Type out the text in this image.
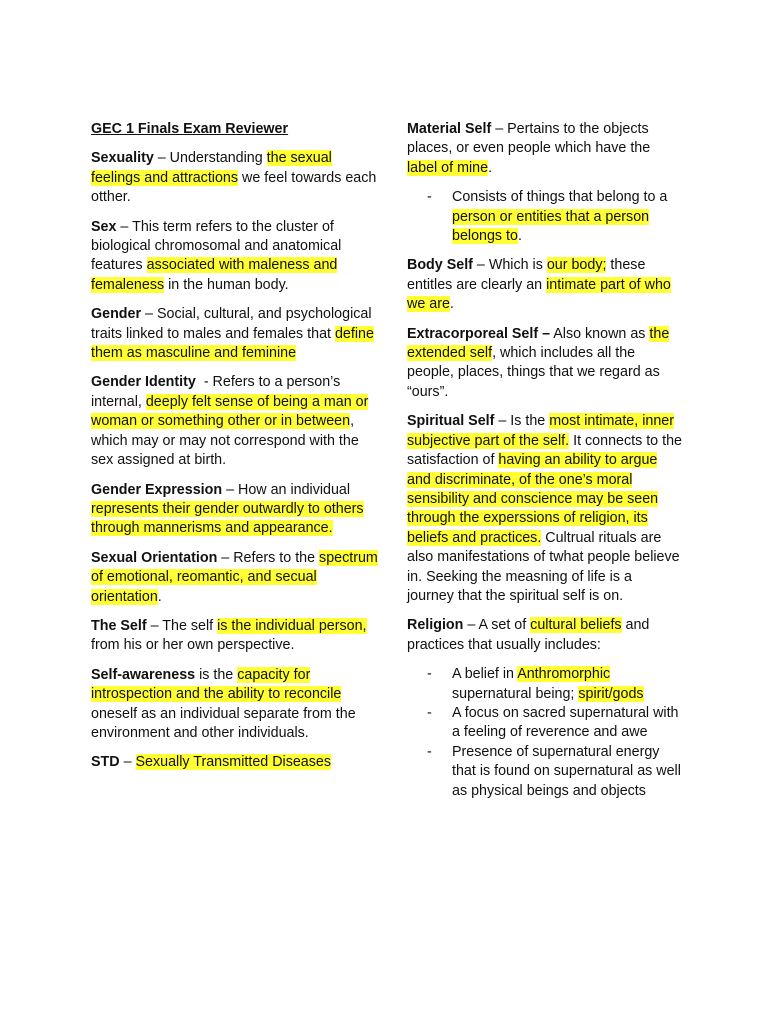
GEC 1 Finals Exam Reviewer

Sexuality – Understanding the sexual feelings and attractions we feel towards each otther.

Sex – This term refers to the cluster of biological chromosomal and anatomical features associated with maleness and femaleness in the human body.

Gender – Social, cultural, and psychological traits linked to males and females that define them as masculine and feminine

Gender Identity  - Refers to a person’s internal, deeply felt sense of being a man or woman or something other or in between, which may or may not correspond with the sex assigned at birth.

Gender Expression – How an individual represents their gender outwardly to others through mannerisms and appearance.

Sexual Orientation – Refers to the spectrum of emotional, reomantic, and secual orientation.

The Self – The self is the individual person, from his or her own perspective.

Self-awareness is the capacity for introspection and the ability to reconcile oneself as an individual separate from the environment and other individuals.

STD – Sexually Transmitted Diseases

Material Self – Pertains to the objects places, or even people which have the label of mine.

- Consists of things that belong to a person or entities that a person belongs to.

Body Self – Which is our body; these entitles are clearly an intimate part of who we are.

Extracorporeal Self – Also known as the extended self, which includes all the people, places, things that we regard as “ours”.

Spiritual Self – Is the most intimate, inner subjective part of the self. It connects to the satisfaction of having an ability to argue and discriminate, of the one’s moral sensibility and conscience may be seen through the experssions of religion, its beliefs and practices. Cultrual rituals are also manifestations of twhat people believe in. Seeking the measning of life is a journey that the spiritual self is on.

Religion – A set of cultural beliefs and practices that usually includes:

- A belief in Anthromorphic supernatural being; spirit/gods
- A focus on sacred supernatural with a feeling of reverence and awe
- Presence of supernatural energy that is found on supernatural as well as physical beings and objects
